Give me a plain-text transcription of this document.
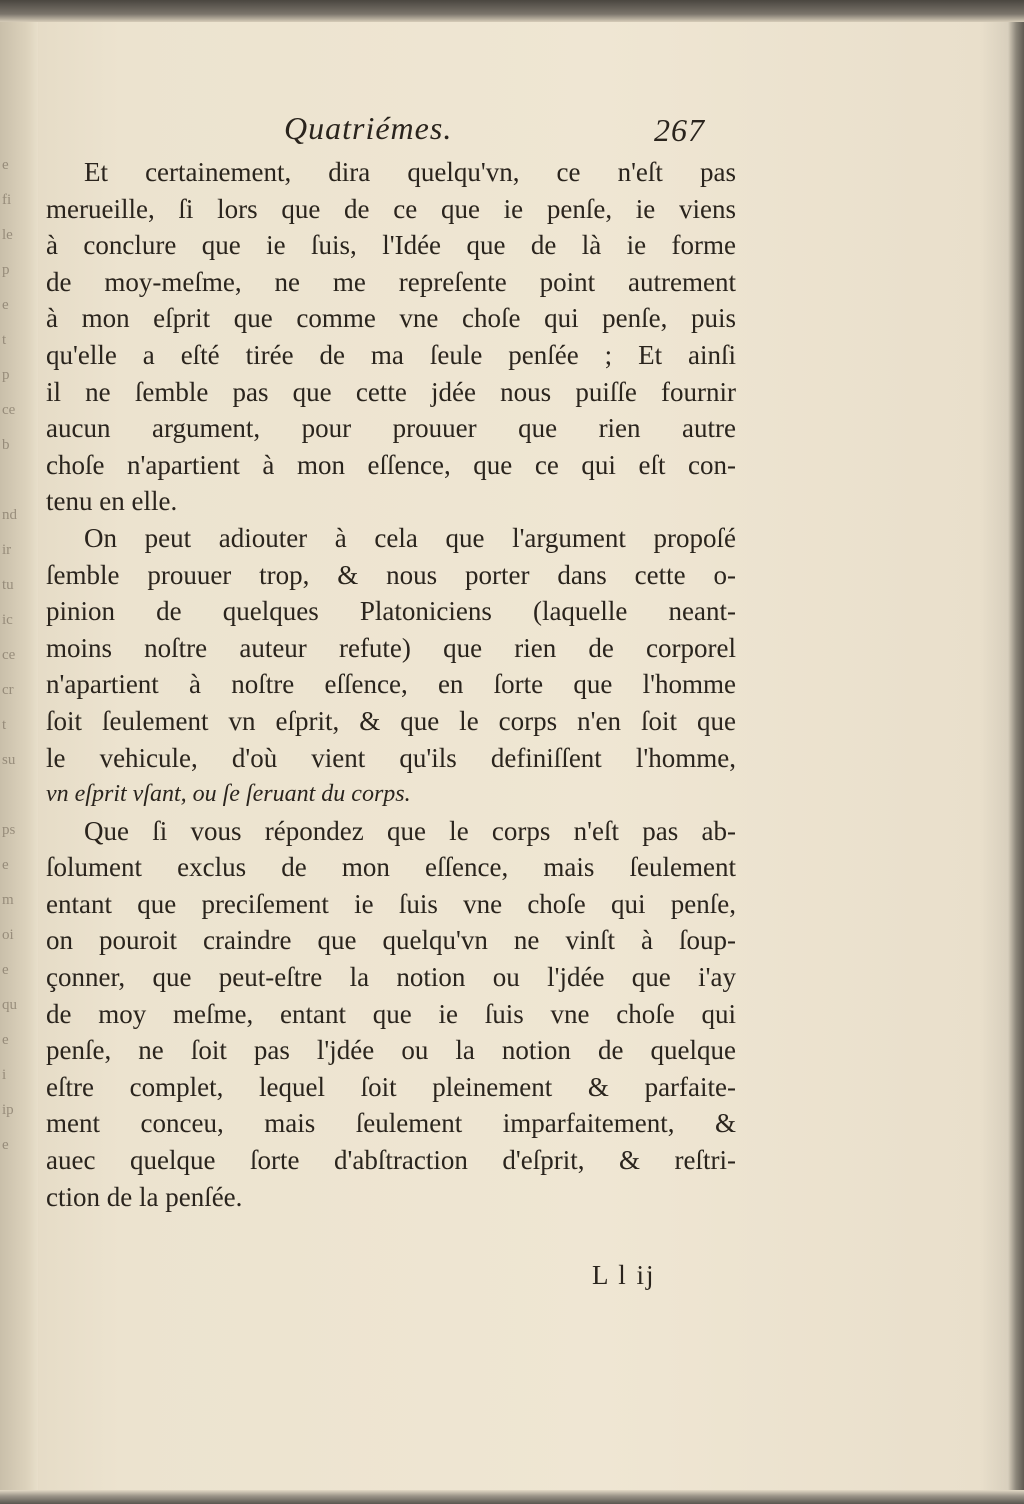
e
fi
le
p
e
t
p
ce
b
nd
ir
tu
ic
ce
cr
t
su
ps
e
m
oi
e
qu
e
i
ip
e
Quatriémes.	267
Et certainement, dira quelqu'vn, ce n'eſt pas
merueille, ſi lors que de ce que ie penſe, ie viens
à conclure que ie ſuis, l'Idée que de là ie forme
de moy-meſme, ne me repreſente point autrement
à mon eſprit que comme vne choſe qui penſe, puis
qu'elle a eſté tirée de ma ſeule penſée ; Et ainſi
il ne ſemble pas que cette jdée nous puiſſe fournir
aucun argument, pour prouuer que rien autre
choſe n'apartient à mon eſſence, que ce qui eſt con-
tenu en elle.
On peut adiouter à cela que l'argument propoſé
ſemble prouuer trop, & nous porter dans cette o-
pinion de quelques Platoniciens (laquelle neant-
moins noſtre auteur refute) que rien de corporel
n'apartient à noſtre eſſence, en ſorte que l'homme
ſoit ſeulement vn eſprit, & que le corps n'en ſoit que
le vehicule, d'où vient qu'ils definiſſent l'homme,
vn eſprit vſant, ou ſe ſeruant du corps.
Que ſi vous répondez que le corps n'eſt pas ab-
ſolument exclus de mon eſſence, mais ſeulement
entant que preciſement ie ſuis vne choſe qui penſe,
on pouroit craindre que quelqu'vn ne vinſt à ſoup-
çonner, que peut-eſtre la notion ou l'jdée que i'ay
de moy meſme, entant que ie ſuis vne choſe qui
penſe, ne ſoit pas l'jdée ou la notion de quelque
eſtre complet, lequel ſoit pleinement & parfaite-
ment conceu, mais ſeulement imparfaitement, &
auec quelque ſorte d'abſtraction d'eſprit, & reſtri-
ction de la penſée.
L l ij
